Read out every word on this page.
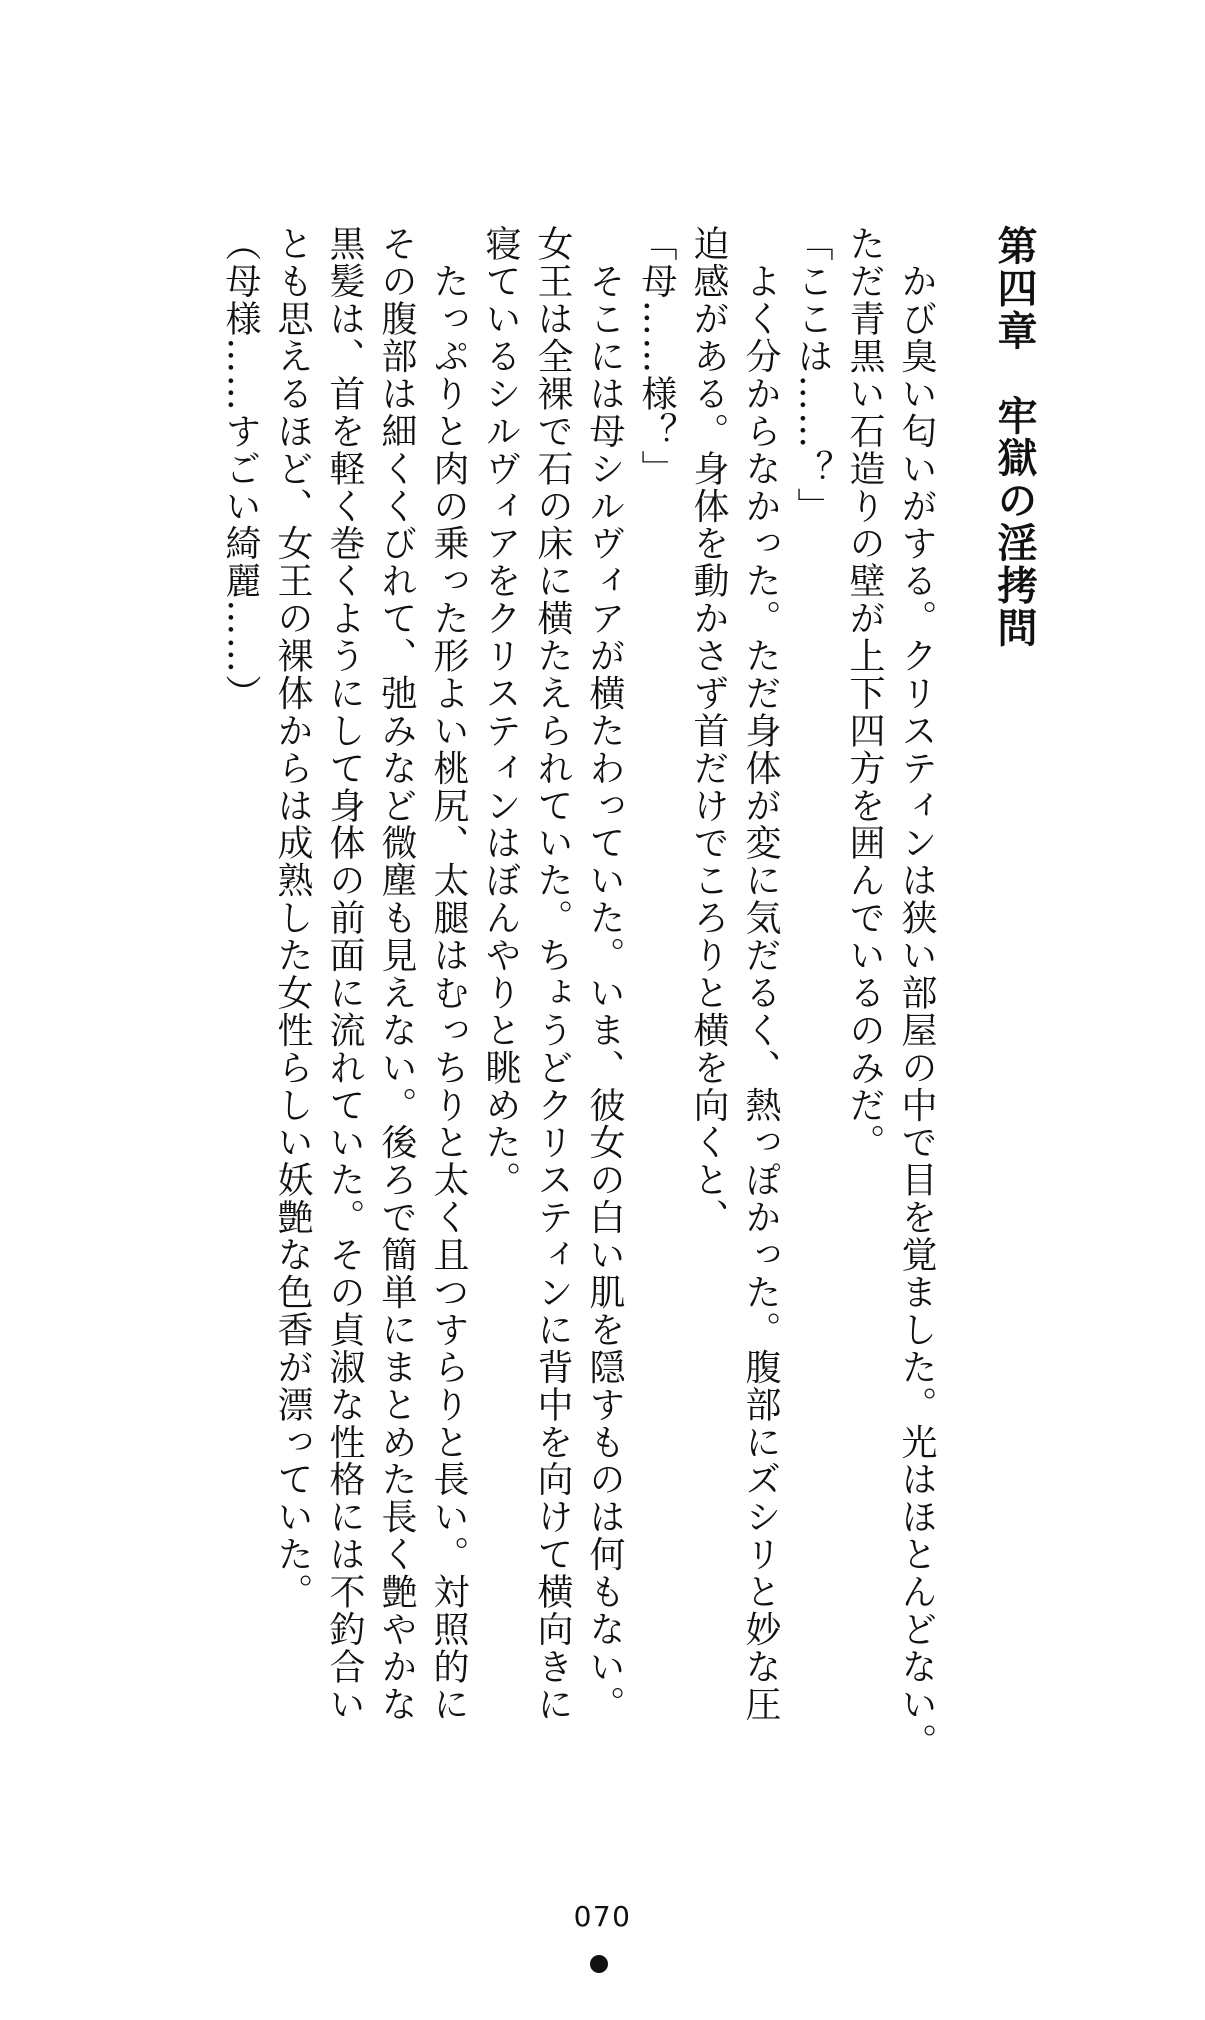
第四章　牢獄の淫拷問
　かび臭い匂いがする。クリスティンは狭い部屋の中で目を覚ました。光はほとんどない。
ただ青黒い石造りの壁が上下四方を囲んでいるのみだ。
「ここは……？」
　よく分からなかった。ただ身体が変に気だるく、熱っぽかった。腹部にズシリと妙な圧
迫感がある。身体を動かさず首だけでころりと横を向くと、
「母……様？」
　そこには母シルヴィアが横たわっていた。いま、彼女の白い肌を隠すものは何もない。
女王は全裸で石の床に横たえられていた。ちょうどクリスティンに背中を向けて横向きに
寝ているシルヴィアをクリスティンはぼんやりと眺めた。
　たっぷりと肉の乗った形よい桃尻、太腿はむっちりと太く且つすらりと長い。対照的に
その腹部は細くくびれて、弛みなど微塵も見えない。後ろで簡単にまとめた長く艶やかな
黒髪は、首を軽く巻くようにして身体の前面に流れていた。その貞淑な性格には不釣合い
とも思えるほど、女王の裸体からは成熟した女性らしい妖艶な色香が漂っていた。
（母様……すごい綺麗……）
070
